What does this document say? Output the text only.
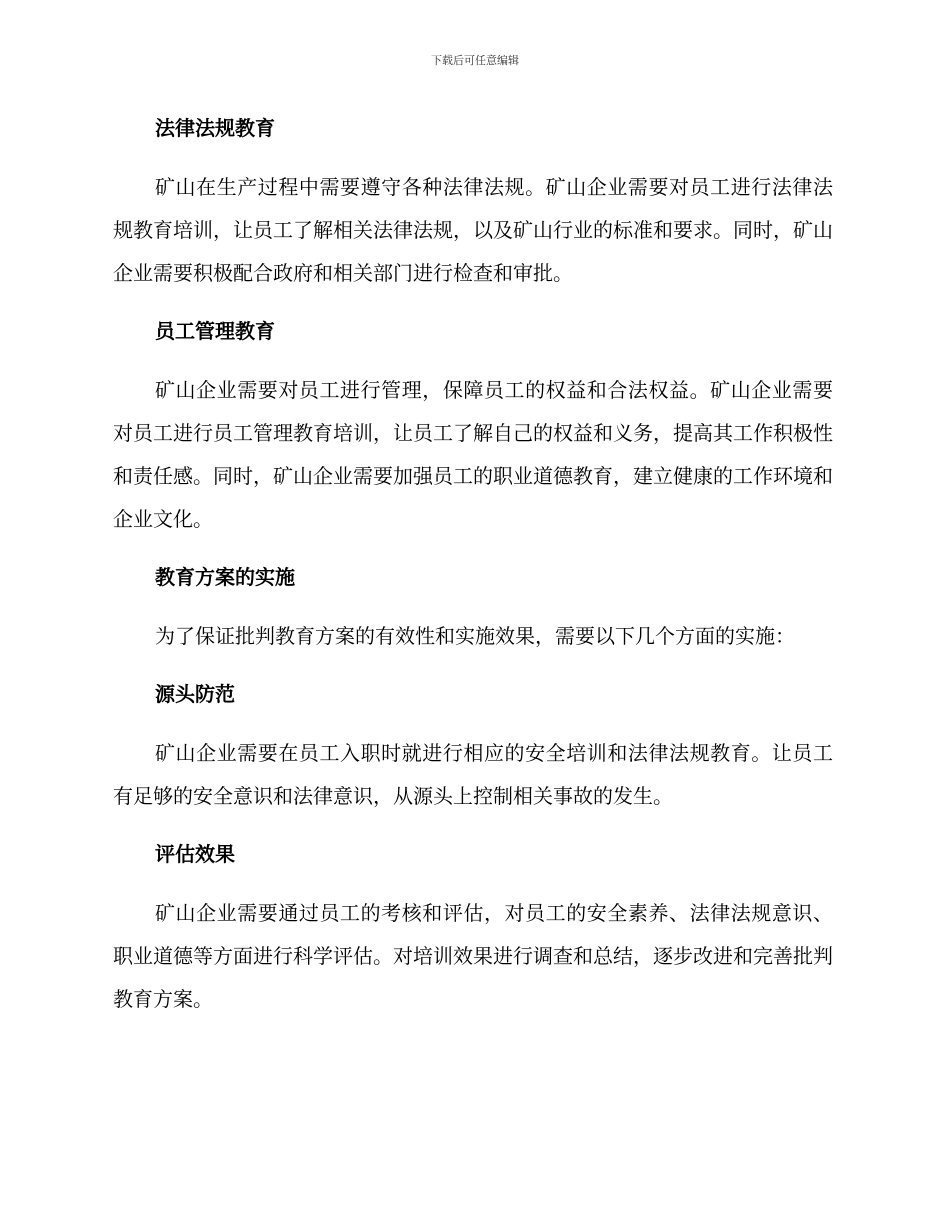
下载后可任意编辑
法律法规教育

矿山在生产过程中需要遵守各种法律法规。矿山企业需要对员工进行法律法规教育培训，让员工了解相关法律法规，以及矿山行业的标准和要求。同时，矿山企业需要积极配合政府和相关部门进行检查和审批。

员工管理教育

矿山企业需要对员工进行管理，保障员工的权益和合法权益。矿山企业需要对员工进行员工管理教育培训，让员工了解自己的权益和义务，提高其工作积极性和责任感。同时，矿山企业需要加强员工的职业道德教育，建立健康的工作环境和企业文化。

教育方案的实施

为了保证批判教育方案的有效性和实施效果，需要以下几个方面的实施：

源头防范

矿山企业需要在员工入职时就进行相应的安全培训和法律法规教育。让员工有足够的安全意识和法律意识，从源头上控制相关事故的发生。

评估效果

矿山企业需要通过员工的考核和评估，对员工的安全素养、法律法规意识、职业道德等方面进行科学评估。对培训效果进行调查和总结，逐步改进和完善批判教育方案。
